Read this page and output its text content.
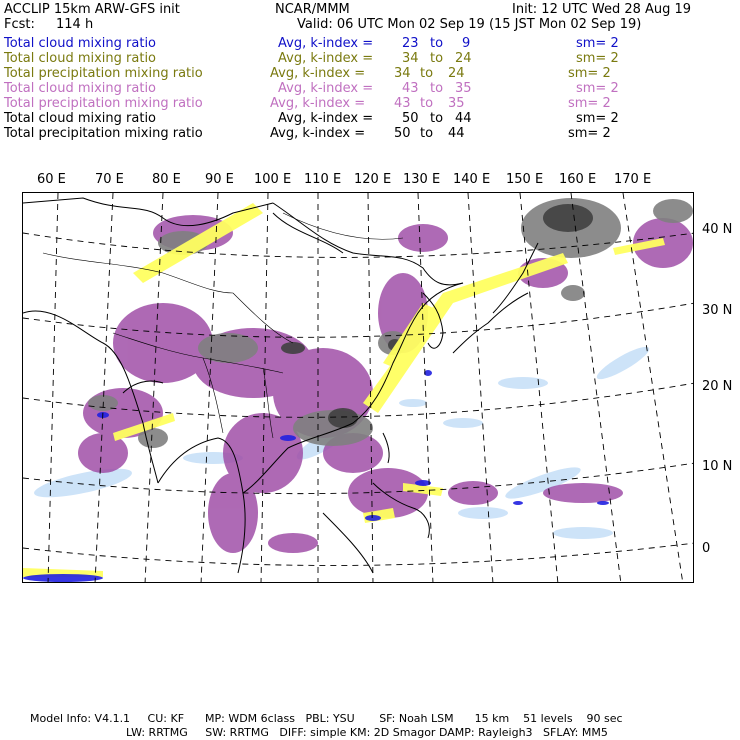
ACCLIP 15km ARW-GFS init	NCAR/MMM	Init: 12 UTC Wed 28 Aug 19
Fcst: 114 h	Valid: 06 UTC Mon 02 Sep 19 (15 JST Mon 02 Sep 19)
Total cloud mixing ratio	Avg, k-index = 23 to 9	sm= 2
Total cloud mixing ratio	Avg, k-index = 34 to 24	sm= 2
Total precipitation mixing ratio	Avg, k-index = 34 to 24	sm= 2
Total cloud mixing ratio	Avg, k-index = 43 to 35	sm= 2
Total precipitation mixing ratio	Avg, k-index = 43 to 35	sm= 2
Total cloud mixing ratio	Avg, k-index = 50 to 44	sm= 2
Total precipitation mixing ratio	Avg, k-index = 50 to 44	sm= 2
60 E 70 E 80 E 90 E 100 E 110 E 120 E 130 E 140 E 150 E 160 E 170 E
40 N
30 N
20 N
10 N
0
Model Info: V4.1.1     CU: KF      MP: WDM 6class   PBL: YSU       SF: Noah LSM      15 km    51 levels    90 sec
LW: RRTMG     SW: RRTMG   DIFF: simple KM: 2D Smagor DAMP: Rayleigh3   SFLAY: MM5
